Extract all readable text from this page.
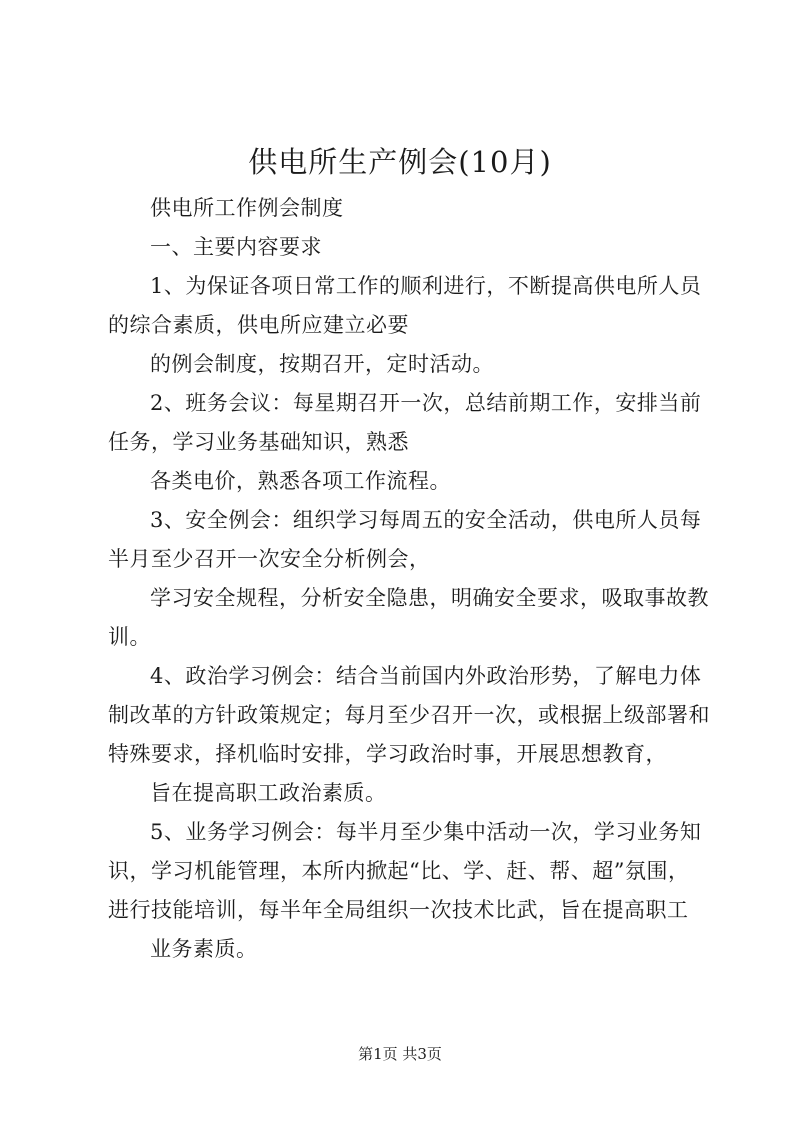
供电所生产例会(10月)
供电所工作例会制度
一、主要内容要求
1、为保证各项日常工作的顺利进行，不断提高供电所人员
的综合素质，供电所应建立必要
的例会制度，按期召开，定时活动。
2、班务会议：每星期召开一次，总结前期工作，安排当前
任务，学习业务基础知识，熟悉
各类电价，熟悉各项工作流程。
3、安全例会：组织学习每周五的安全活动，供电所人员每
半月至少召开一次安全分析例会，
学习安全规程，分析安全隐患，明确安全要求，吸取事故教
训。
4、政治学习例会：结合当前国内外政治形势，了解电力体
制改革的方针政策规定；每月至少召开一次，或根据上级部署和
特殊要求，择机临时安排，学习政治时事，开展思想教育，
旨在提高职工政治素质。
5、业务学习例会：每半月至少集中活动一次，学习业务知
识，学习机能管理，本所内掀起“比、学、赶、帮、超”氛围，
进行技能培训，每半年全局组织一次技术比武，旨在提高职工
业务素质。
第1页 共3页
